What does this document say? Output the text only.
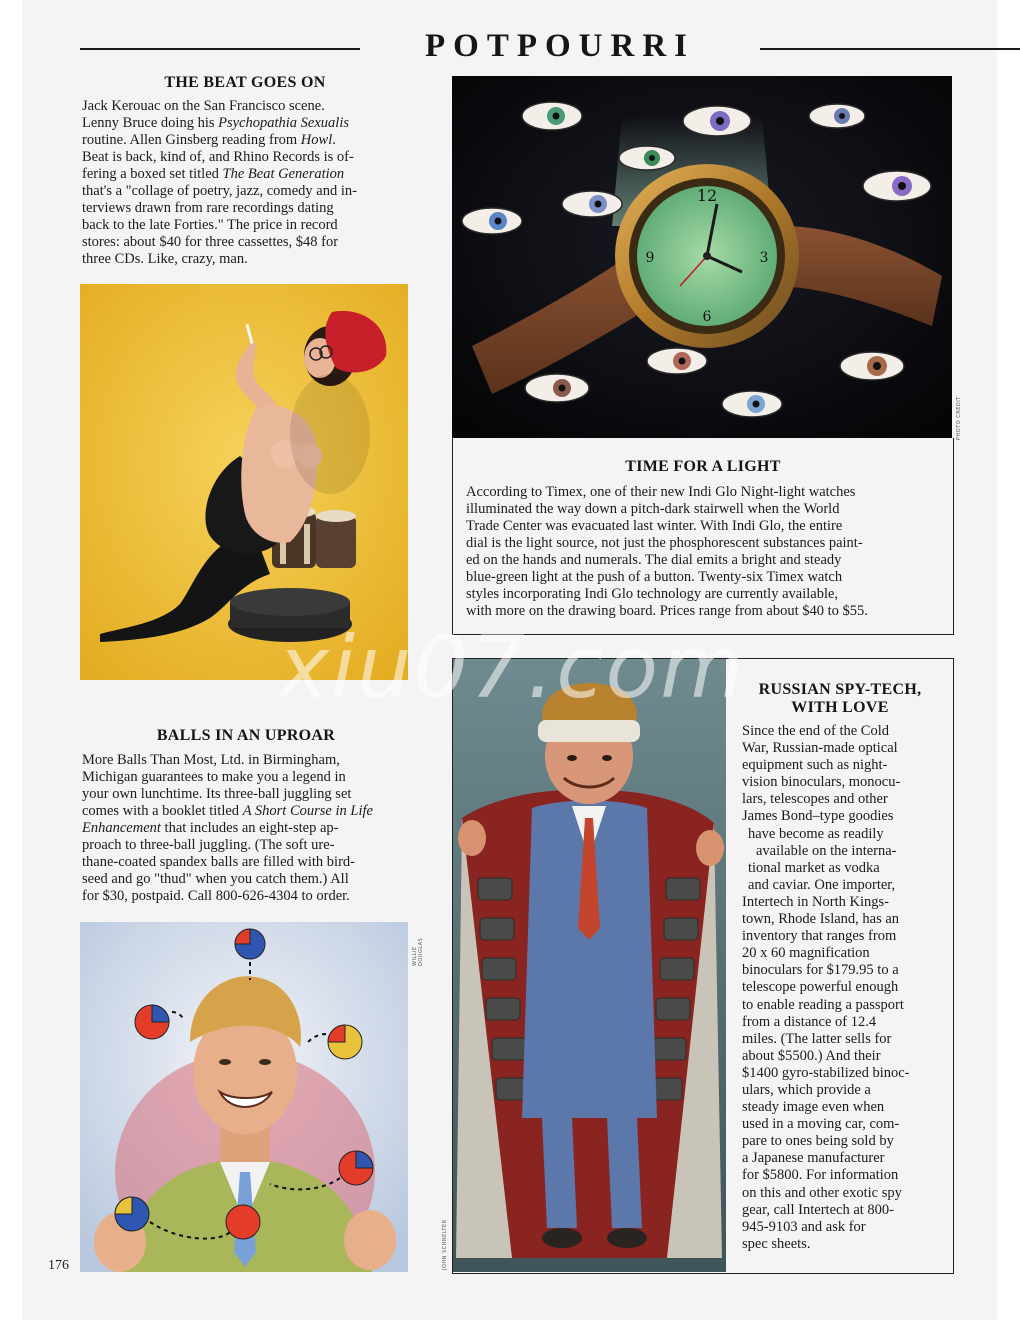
POTPOURRI
THE BEAT GOES ON
Jack Kerouac on the San Francisco scene.
Lenny Bruce doing his Psychopathia Sexualis
routine. Allen Ginsberg reading from Howl.
Beat is back, kind of, and Rhino Records is of-
fering a boxed set titled The Beat Generation
that's a "collage of poetry, jazz, comedy and in-
terviews drawn from rare recordings dating
back to the late Forties." The price in record
stores: about $40 for three cassettes, $48 for
three CDs. Like, crazy, man.
12
3
6
9
PHOTO CREDIT
TIME FOR A LIGHT
According to Timex, one of their new Indi Glo Night-light watches
illuminated the way down a pitch-dark stairwell when the World
Trade Center was evacuated last winter. With Indi Glo, the entire
dial is the light source, not just the phosphorescent substances paint-
ed on the hands and numerals. The dial emits a bright and steady
blue-green light at the push of a button. Twenty-six Timex watch
styles incorporating Indi Glo technology are currently available,
with more on the drawing board. Prices range from about $40 to $55.
BALLS IN AN UPROAR
More Balls Than Most, Ltd. in Birmingham,
Michigan guarantees to make you a legend in
your own lunchtime. Its three-ball juggling set
comes with a booklet titled A Short Course in Life
Enhancement that includes an eight-step ap-
proach to three-ball juggling. (The soft ure-
thane-coated spandex balls are filled with bird-
seed and go "thud" when you catch them.) All
for $30, postpaid. Call 800-626-4304 to order.
WILLIE DOUGLAS
JOHN SCHNELTER
RUSSIAN SPY-TECH,
WITH LOVE
Since the end of the Cold
War, Russian-made optical
equipment such as night-
vision binoculars, monocu-
lars, telescopes and other
James Bond–type goodies
have become as readily
available on the interna-
tional market as vodka
and caviar. One importer,
Intertech in North Kings-
town, Rhode Island, has an
inventory that ranges from
20 x 60 magnification
binoculars for $179.95 to a
telescope powerful enough
to enable reading a passport
from a distance of 12.4
miles. (The latter sells for
about $5500.) And their
$1400 gyro-stabilized binoc-
ulars, which provide a
steady image even when
used in a moving car, com-
pare to ones being sold by
a Japanese manufacturer
for $5800. For information
on this and other exotic spy
gear, call Intertech at 800-
945-9103 and ask for
spec sheets.
176
xiu07.com
